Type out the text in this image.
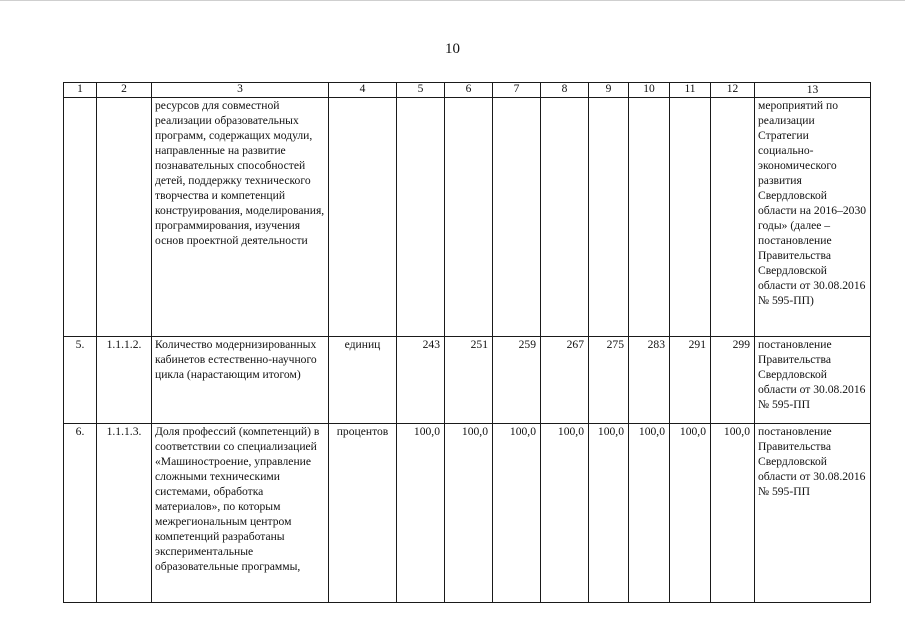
10
1	2	3	4	5	6	7	8	9	10	11	12	13
		ресурсов для совместной реализации образовательных программ, содержащих модули, направленные на развитие познавательных способностей детей, поддержку технического творчества и компетенций конструирования, моделирования, программирования, изучения основ проектной деятельности										мероприятий по реализации Стратегии социально-экономического развития Свердловской области на 2016–2030 годы» (далее – постановление Правительства Свердловской области от 30.08.2016 № 595-ПП)
5.	1.1.1.2.	Количество модернизированных кабинетов естественно-научного цикла (нарастающим итогом)	единиц	243	251	259	267	275	283	291	299	постановление Правительства Свердловской области от 30.08.2016 № 595-ПП
6.	1.1.1.3.	Доля профессий (компетенций) в соответствии со специализацией «Машиностроение, управление сложными техническими системами, обработка материалов», по которым межрегиональным центром компетенций разработаны экспериментальные образовательные программы,	процентов	100,0	100,0	100,0	100,0	100,0	100,0	100,0	100,0	постановление Правительства Свердловской области от 30.08.2016 № 595-ПП
